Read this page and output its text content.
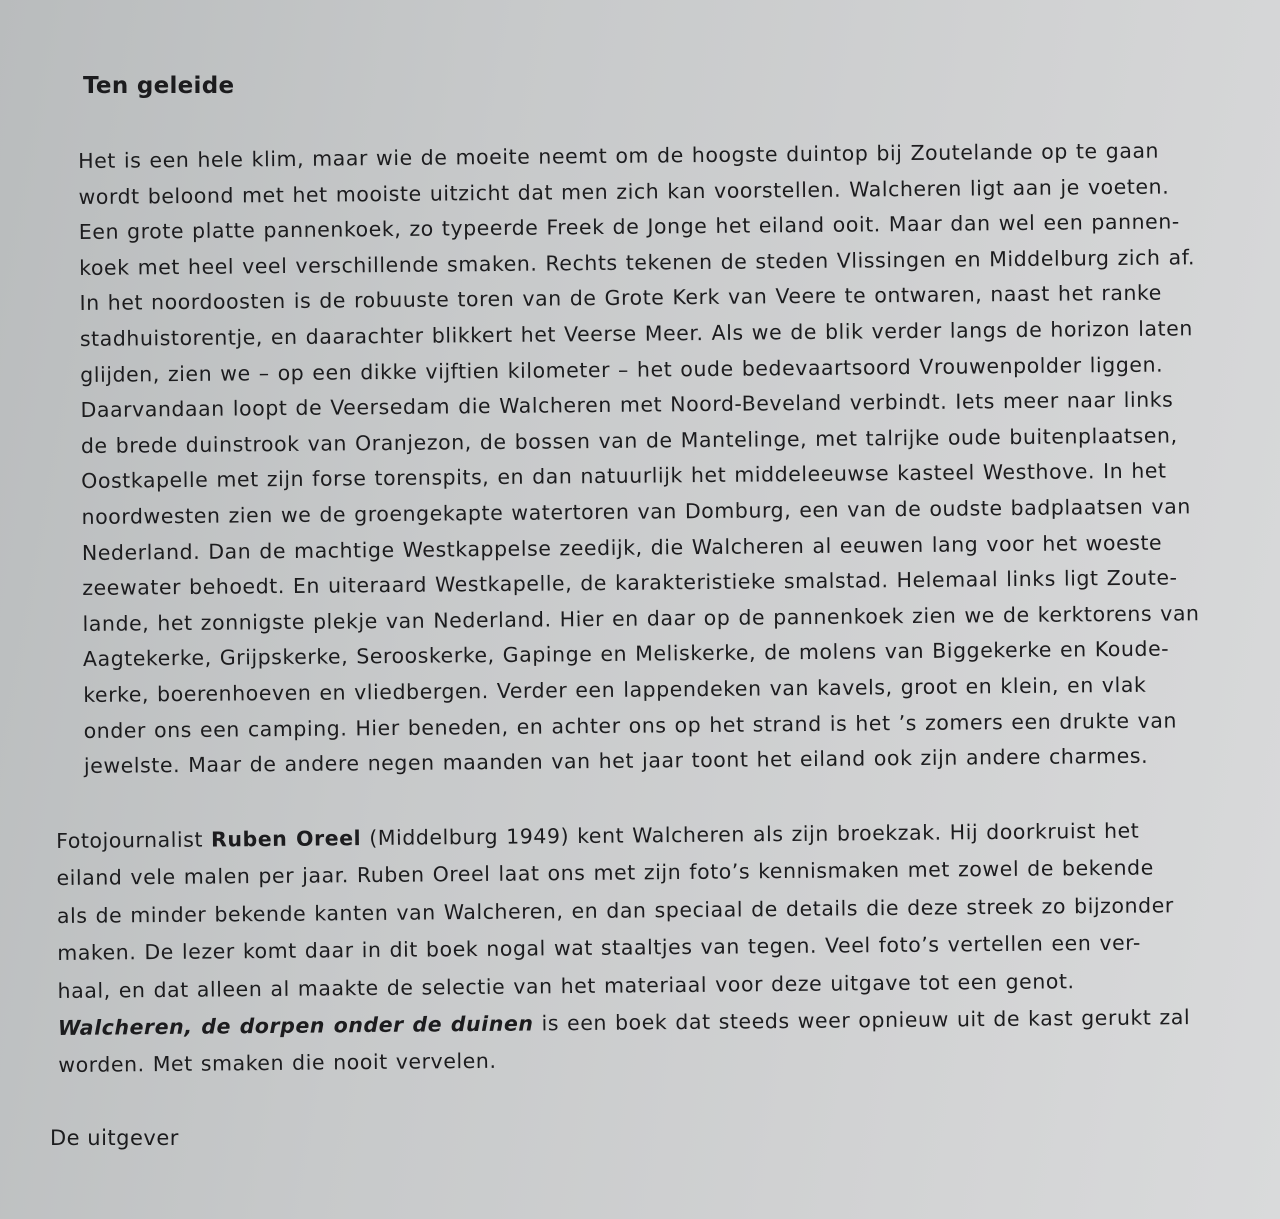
Ten geleide

Het is een hele klim, maar wie de moeite neemt om de hoogste duintop bij Zoutelande op te gaan
wordt beloond met het mooiste uitzicht dat men zich kan voorstellen. Walcheren ligt aan je voeten.
Een grote platte pannenkoek, zo typeerde Freek de Jonge het eiland ooit. Maar dan wel een pannen-
koek met heel veel verschillende smaken. Rechts tekenen de steden Vlissingen en Middelburg zich af.
In het noordoosten is de robuuste toren van de Grote Kerk van Veere te ontwaren, naast het ranke
stadhuistorentje, en daarachter blikkert het Veerse Meer. Als we de blik verder langs de horizon laten
glijden, zien we – op een dikke vijftien kilometer – het oude bedevaartsoord Vrouwenpolder liggen.
Daarvandaan loopt de Veersedam die Walcheren met Noord-Beveland verbindt. Iets meer naar links
de brede duinstrook van Oranjezon, de bossen van de Mantelinge, met talrijke oude buitenplaatsen,
Oostkapelle met zijn forse torenspits, en dan natuurlijk het middeleeuwse kasteel Westhove. In het
noordwesten zien we de groengekapte watertoren van Domburg, een van de oudste badplaatsen van
Nederland. Dan de machtige Westkappelse zeedijk, die Walcheren al eeuwen lang voor het woeste
zeewater behoedt. En uiteraard Westkapelle, de karakteristieke smalstad. Helemaal links ligt Zoute-
lande, het zonnigste plekje van Nederland. Hier en daar op de pannenkoek zien we de kerktorens van
Aagtekerke, Grijpskerke, Serooskerke, Gapinge en Meliskerke, de molens van Biggekerke en Koude-
kerke, boerenhoeven en vliedbergen. Verder een lappendeken van kavels, groot en klein, en vlak
onder ons een camping. Hier beneden, en achter ons op het strand is het ’s zomers een drukte van
jewelste. Maar de andere negen maanden van het jaar toont het eiland ook zijn andere charmes.

Fotojournalist Ruben Oreel (Middelburg 1949) kent Walcheren als zijn broekzak. Hij doorkruist het
eiland vele malen per jaar. Ruben Oreel laat ons met zijn foto’s kennismaken met zowel de bekende
als de minder bekende kanten van Walcheren, en dan speciaal de details die deze streek zo bijzonder
maken. De lezer komt daar in dit boek nogal wat staaltjes van tegen. Veel foto’s vertellen een ver-
haal, en dat alleen al maakte de selectie van het materiaal voor deze uitgave tot een genot.
Walcheren, de dorpen onder de duinen is een boek dat steeds weer opnieuw uit de kast gerukt zal
worden. Met smaken die nooit vervelen.

De uitgever
